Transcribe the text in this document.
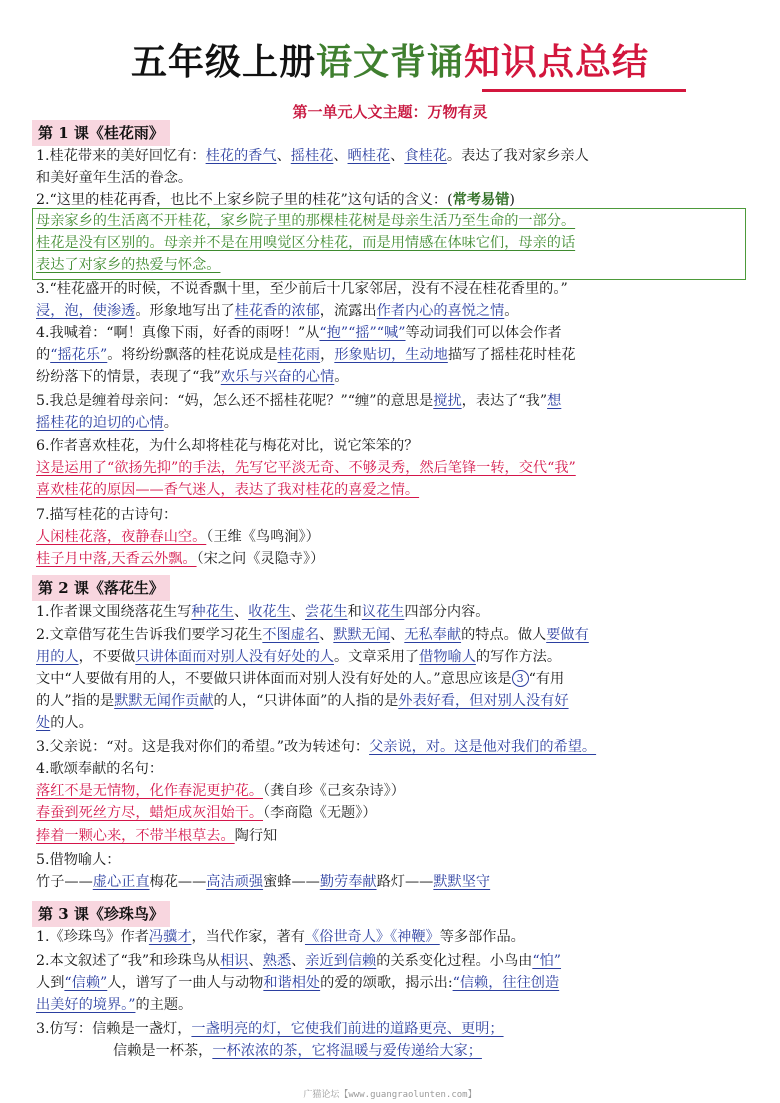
五年级上册语文背诵知识点总结
第一单元人文主题：万物有灵
第 1 课《桂花雨》
1.桂花带来的美好回忆有：桂花的香气、摇桂花、晒桂花、食桂花。表达了我对家乡亲人
和美好童年生活的眷念。
2.“这里的桂花再香，也比不上家乡院子里的桂花”这句话的含义：(常考易错)
母亲家乡的生活离不开桂花，家乡院子里的那棵桂花树是母亲生活乃至生命的一部分。
桂花是没有区别的。母亲并不是在用嗅觉区分桂花，而是用情感在体味它们，母亲的话
表达了对家乡的热爱与怀念。
3.“桂花盛开的时候，不说香飘十里，至少前后十几家邻居，没有不浸在桂花香里的。”
浸，泡，使渗透。形象地写出了桂花香的浓郁，流露出作者内心的喜悦之情。
4.我喊着：“啊！真像下雨，好香的雨呀！”从“抱”“摇”“喊”等动词我们可以体会作者
的“摇花乐”。将纷纷飘落的桂花说成是桂花雨，形象贴切，生动地描写了摇桂花时桂花
纷纷落下的情景，表现了“我”欢乐与兴奋的心情。
5.我总是缠着母亲问：“妈，怎么还不摇桂花呢？”“缠”的意思是搅扰，表达了“我”想
摇桂花的迫切的心情。
6.作者喜欢桂花，为什么却将桂花与梅花对比，说它笨笨的？
这是运用了“欲扬先抑”的手法，先写它平淡无奇、不够灵秀，然后笔锋一转，交代“我”
喜欢桂花的原因——香气迷人，表达了我对桂花的喜爱之情。
7.描写桂花的古诗句：
人闲桂花落，夜静春山空。（王维《鸟鸣涧》）
桂子月中落,天香云外飘。（宋之问《灵隐寺》）
第 2 课《落花生》
1.作者课文围绕落花生写种花生、收花生、尝花生和议花生四部分内容。
2.文章借写花生告诉我们要学习花生不图虚名、默默无闻、无私奉献的特点。做人要做有
用的人，不要做只讲体面而对别人没有好处的人。文章采用了借物喻人的写作方法。
文中“人要做有用的人，不要做只讲体面而对别人没有好处的人。”意思应该是 3 “有用
的人”指的是默默无闻作贡献的人，“只讲体面”的人指的是外表好看，但对别人没有好
处的人。
3.父亲说：“对。这是我对你们的希望。”改为转述句：父亲说，对。这是他对我们的希望。
4.歌颂奉献的名句：
落红不是无情物，化作春泥更护花。（龚自珍《己亥杂诗》）
春蚕到死丝方尽，蜡炬成灰泪始干。（李商隐《无题》）
捧着一颗心来，不带半根草去。陶行知
5.借物喻人：
竹子——虚心正直梅花——高洁顽强蜜蜂——勤劳奉献路灯——默默坚守
第 3 课《珍珠鸟》
1.《珍珠鸟》作者冯骥才，当代作家，著有《俗世奇人》《神鞭》等多部作品。
2.本文叙述了“我”和珍珠鸟从相识、熟悉、亲近到信赖的关系变化过程。小鸟由“怕”
人到“信赖”人，谱写了一曲人与动物和谐相处的爱的颂歌，揭示出:“信赖，往往创造
出美好的境界。”的主题。
3.仿写：信赖是一盏灯，一盏明亮的灯，它使我们前进的道路更亮、更明；
信赖是一杯茶，一杯浓浓的茶，它将温暖与爱传递给大家；
广猫论坛【www.guangraolunten.com】
